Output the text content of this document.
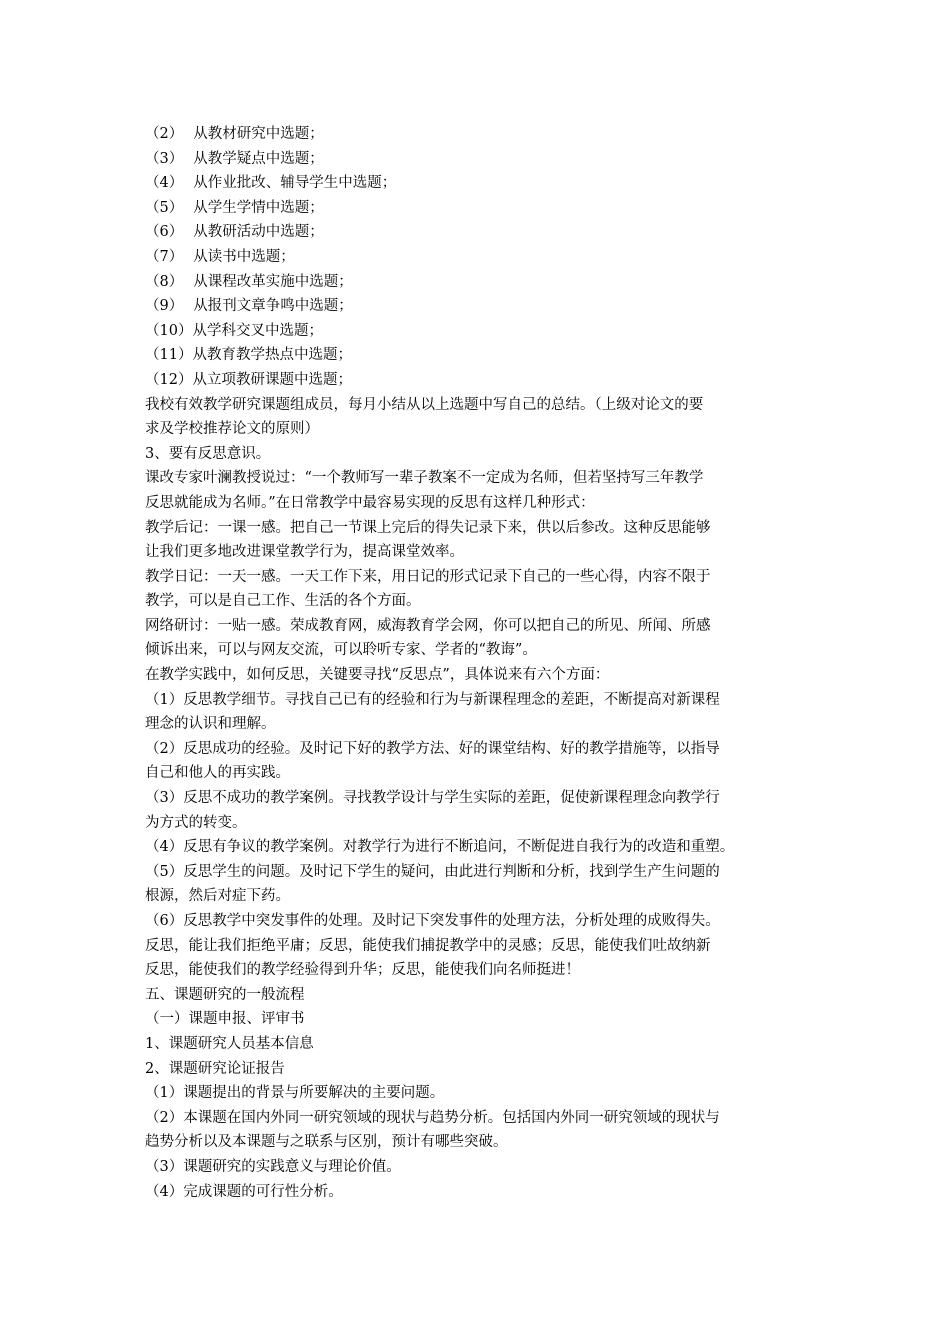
（2） 从教材研究中选题；
（3） 从教学疑点中选题；
（4） 从作业批改、辅导学生中选题；
（5） 从学生学情中选题；
（6） 从教研活动中选题；
（7） 从读书中选题；
（8） 从课程改革实施中选题；
（9） 从报刊文章争鸣中选题；
（10）从学科交叉中选题；
（11）从教育教学热点中选题；
（12）从立项教研课题中选题；
我校有效教学研究课题组成员，每月小结从以上选题中写自己的总结。（上级对论文的要
求及学校推荐论文的原则）
3、要有反思意识。
课改专家叶澜教授说过：“一个教师写一辈子教案不一定成为名师，但若坚持写三年教学
反思就能成为名师。”在日常教学中最容易实现的反思有这样几种形式：
教学后记：一课一感。把自己一节课上完后的得失记录下来，供以后参改。这种反思能够
让我们更多地改进课堂教学行为，提高课堂效率。
教学日记：一天一感。一天工作下来，用日记的形式记录下自己的一些心得，内容不限于
教学，可以是自己工作、生活的各个方面。
网络研讨：一贴一感。荣成教育网，威海教育学会网，你可以把自己的所见、所闻、所感
倾诉出来，可以与网友交流，可以聆听专家、学者的“教诲”。
在教学实践中，如何反思，关键要寻找“反思点”，具体说来有六个方面：
（1）反思教学细节。寻找自己已有的经验和行为与新课程理念的差距，不断提高对新课程
理念的认识和理解。
（2）反思成功的经验。及时记下好的教学方法、好的课堂结构、好的教学措施等，以指导
自己和他人的再实践。
（3）反思不成功的教学案例。寻找教学设计与学生实际的差距，促使新课程理念向教学行
为方式的转变。
（4）反思有争议的教学案例。对教学行为进行不断追问，不断促进自我行为的改造和重塑。
（5）反思学生的问题。及时记下学生的疑问，由此进行判断和分析，找到学生产生问题的
根源，然后对症下药。
（6）反思教学中突发事件的处理。及时记下突发事件的处理方法，分析处理的成败得失。
反思，能让我们拒绝平庸；反思，能使我们捕捉教学中的灵感；反思，能使我们吐故纳新
反思，能使我们的教学经验得到升华；反思，能使我们向名师挺进！
五、课题研究的一般流程
（一）课题申报、评审书
1、课题研究人员基本信息
2、课题研究论证报告
（1）课题提出的背景与所要解决的主要问题。
（2）本课题在国内外同一研究领域的现状与趋势分析。包括国内外同一研究领域的现状与
趋势分析以及本课题与之联系与区别，预计有哪些突破。
（3）课题研究的实践意义与理论价值。
（4）完成课题的可行性分析。
